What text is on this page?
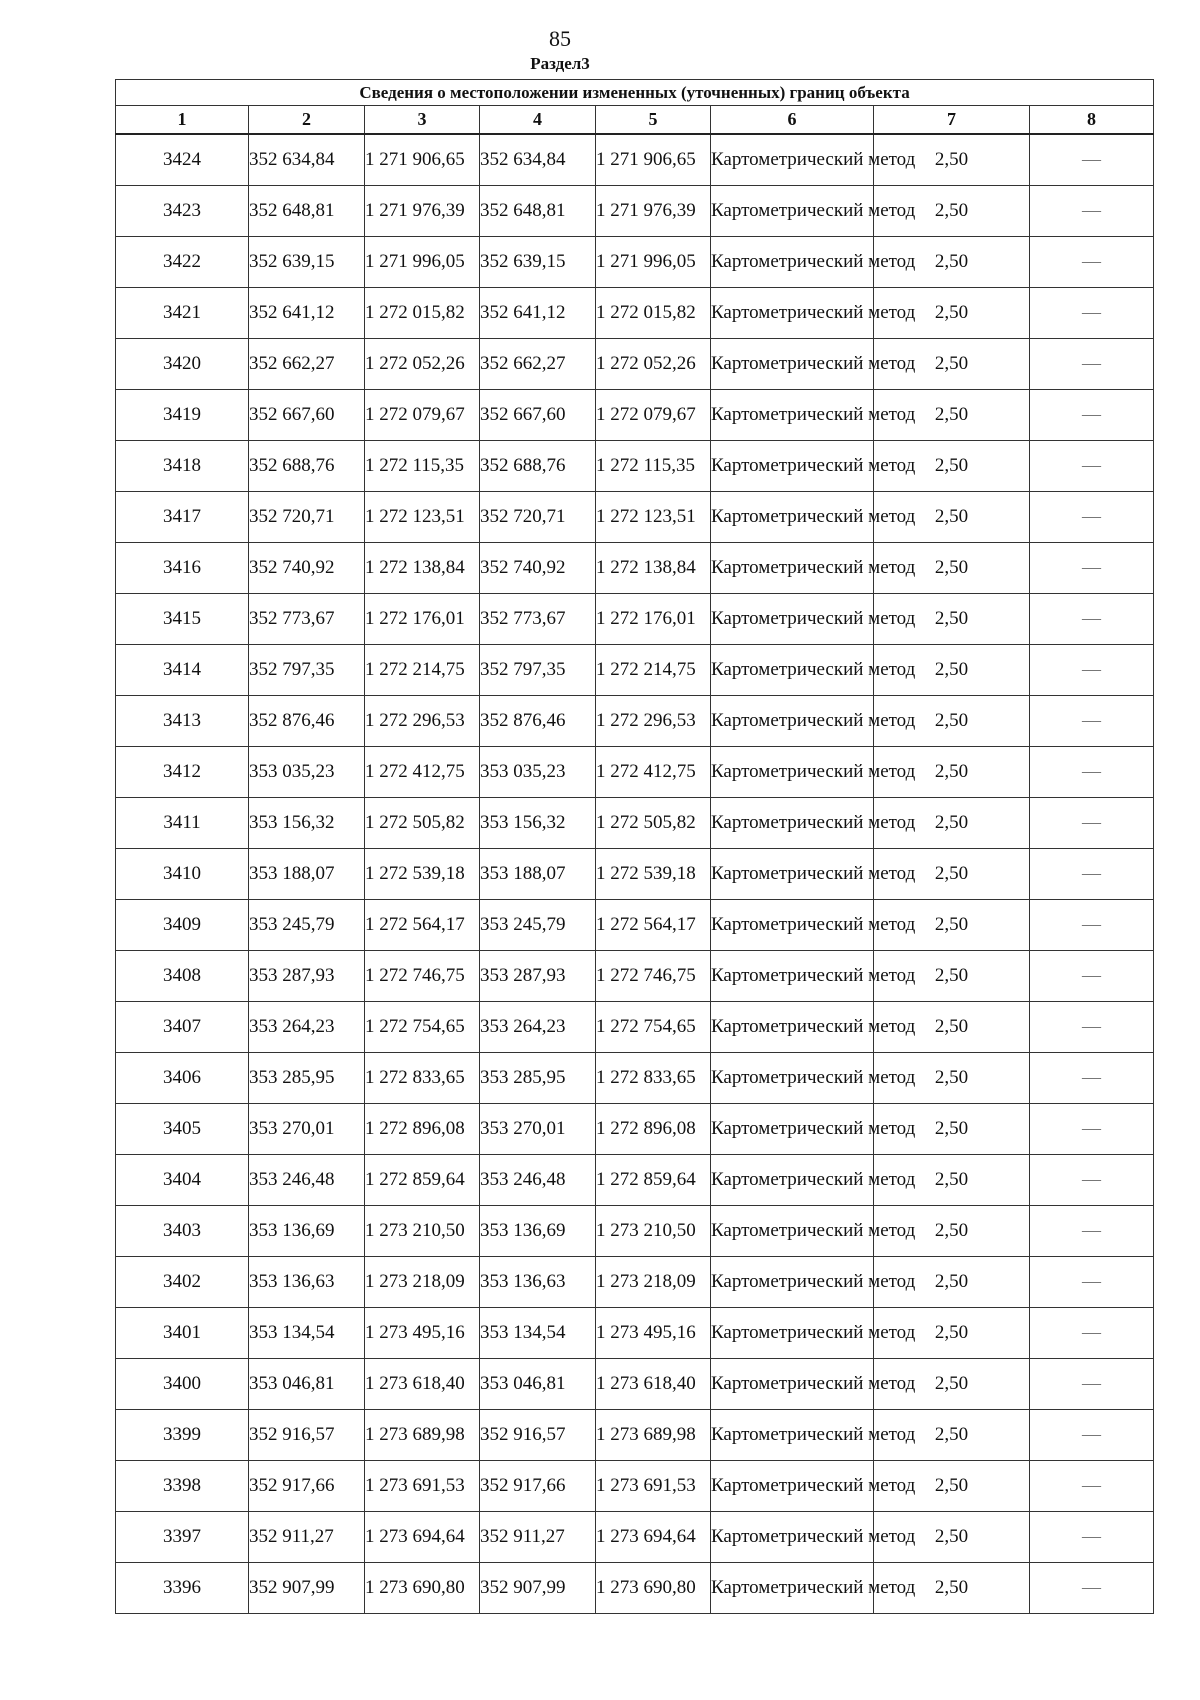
85
Раздел3
Сведения о местоположении измененных (уточненных) границ объекта							
1	2	3	4	5	6	7	8
3424	352 634,84	1 271 906,65	352 634,84	1 271 906,65	Картометрический метод	2,50	—
3423	352 648,81	1 271 976,39	352 648,81	1 271 976,39	Картометрический метод	2,50	—
3422	352 639,15	1 271 996,05	352 639,15	1 271 996,05	Картометрический метод	2,50	—
3421	352 641,12	1 272 015,82	352 641,12	1 272 015,82	Картометрический метод	2,50	—
3420	352 662,27	1 272 052,26	352 662,27	1 272 052,26	Картометрический метод	2,50	—
3419	352 667,60	1 272 079,67	352 667,60	1 272 079,67	Картометрический метод	2,50	—
3418	352 688,76	1 272 115,35	352 688,76	1 272 115,35	Картометрический метод	2,50	—
3417	352 720,71	1 272 123,51	352 720,71	1 272 123,51	Картометрический метод	2,50	—
3416	352 740,92	1 272 138,84	352 740,92	1 272 138,84	Картометрический метод	2,50	—
3415	352 773,67	1 272 176,01	352 773,67	1 272 176,01	Картометрический метод	2,50	—
3414	352 797,35	1 272 214,75	352 797,35	1 272 214,75	Картометрический метод	2,50	—
3413	352 876,46	1 272 296,53	352 876,46	1 272 296,53	Картометрический метод	2,50	—
3412	353 035,23	1 272 412,75	353 035,23	1 272 412,75	Картометрический метод	2,50	—
3411	353 156,32	1 272 505,82	353 156,32	1 272 505,82	Картометрический метод	2,50	—
3410	353 188,07	1 272 539,18	353 188,07	1 272 539,18	Картометрический метод	2,50	—
3409	353 245,79	1 272 564,17	353 245,79	1 272 564,17	Картометрический метод	2,50	—
3408	353 287,93	1 272 746,75	353 287,93	1 272 746,75	Картометрический метод	2,50	—
3407	353 264,23	1 272 754,65	353 264,23	1 272 754,65	Картометрический метод	2,50	—
3406	353 285,95	1 272 833,65	353 285,95	1 272 833,65	Картометрический метод	2,50	—
3405	353 270,01	1 272 896,08	353 270,01	1 272 896,08	Картометрический метод	2,50	—
3404	353 246,48	1 272 859,64	353 246,48	1 272 859,64	Картометрический метод	2,50	—
3403	353 136,69	1 273 210,50	353 136,69	1 273 210,50	Картометрический метод	2,50	—
3402	353 136,63	1 273 218,09	353 136,63	1 273 218,09	Картометрический метод	2,50	—
3401	353 134,54	1 273 495,16	353 134,54	1 273 495,16	Картометрический метод	2,50	—
3400	353 046,81	1 273 618,40	353 046,81	1 273 618,40	Картометрический метод	2,50	—
3399	352 916,57	1 273 689,98	352 916,57	1 273 689,98	Картометрический метод	2,50	—
3398	352 917,66	1 273 691,53	352 917,66	1 273 691,53	Картометрический метод	2,50	—
3397	352 911,27	1 273 694,64	352 911,27	1 273 694,64	Картометрический метод	2,50	—
3396	352 907,99	1 273 690,80	352 907,99	1 273 690,80	Картометрический метод	2,50	—
